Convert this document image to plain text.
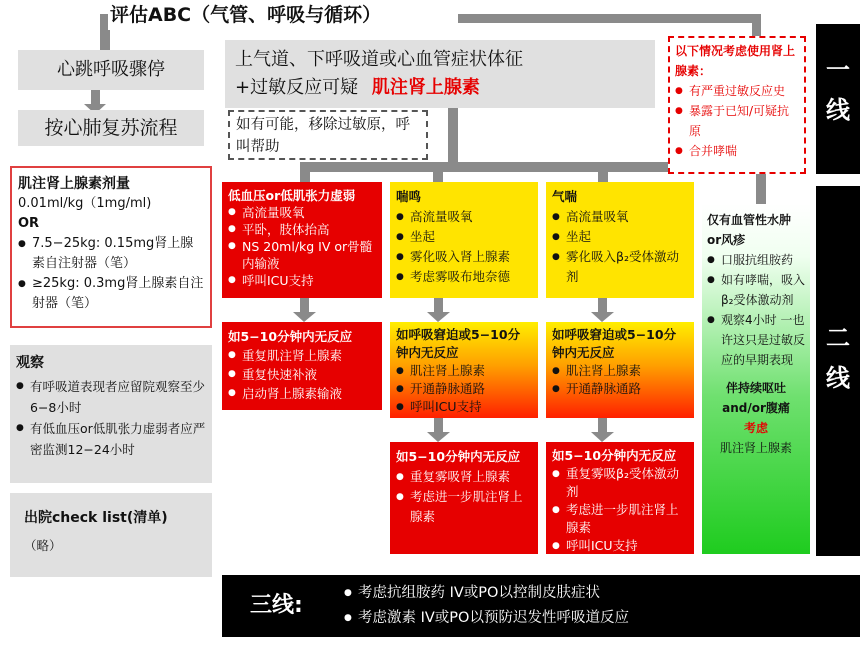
评估ABC（气管、呼吸与循环）
心跳呼吸骤停
按心肺复苏流程
上气道、下呼吸道或心血管症状体征
+过敏反应可疑 肌注肾上腺素
如有可能，移除过敏原，呼叫帮助
以下情况考虑使用肾上腺素：
● 有严重过敏反应史
● 暴露于已知/可疑抗原
● 合并哮喘
肌注肾上腺素剂量
0.01ml/kg（1mg/ml)
OR
● 7.5−25kg: 0.15mg肾上腺素自注射器（笔）
● ≥25kg: 0.3mg肾上腺素自注射器（笔）
观察
● 有呼吸道表现者应留院观察至少6−8小时
● 有低血压or低肌张力虚弱者应严密监测12−24小时
出院check list(清单)
（略）
低血压or低肌张力虚弱
● 高流量吸氧
● 平卧，肢体抬高
● NS 20ml/kg IV or骨髓内输液
● 呼叫ICU支持
如5−10分钟内无反应
● 重复肌注肾上腺素
● 重复快速补液
● 启动肾上腺素输液
喘鸣
● 高流量吸氧
● 坐起
● 雾化吸入肾上腺素
● 考虑雾吸布地奈德
如呼吸窘迫或5−10分钟内无反应
● 肌注肾上腺素
● 开通静脉通路
● 呼叫ICU支持
如5−10分钟内无反应
● 重复雾吸肾上腺素
● 考虑进一步肌注肾上腺素
气喘
● 高流量吸氧
● 坐起
● 雾化吸入β₂受体激动剂
如呼吸窘迫或5−10分钟内无反应
● 肌注肾上腺素
● 开通静脉通路
如5−10分钟内无反应
● 重复雾吸β₂受体激动剂
● 考虑进一步肌注肾上腺素
● 呼叫ICU支持
仅有血管性水肿or风疹
● 口服抗组胺药
● 如有哮喘，吸入β₂受体激动剂
● 观察4小时 一也许这只是过敏反应的早期表现
伴持续呕吐and/or腹痛
考虑
肌注肾上腺素
一线
二线
三线:
●	考虑抗组胺药 IV或PO以控制皮肤症状
● 考虑激素 IV或PO以预防迟发性呼吸道反应
